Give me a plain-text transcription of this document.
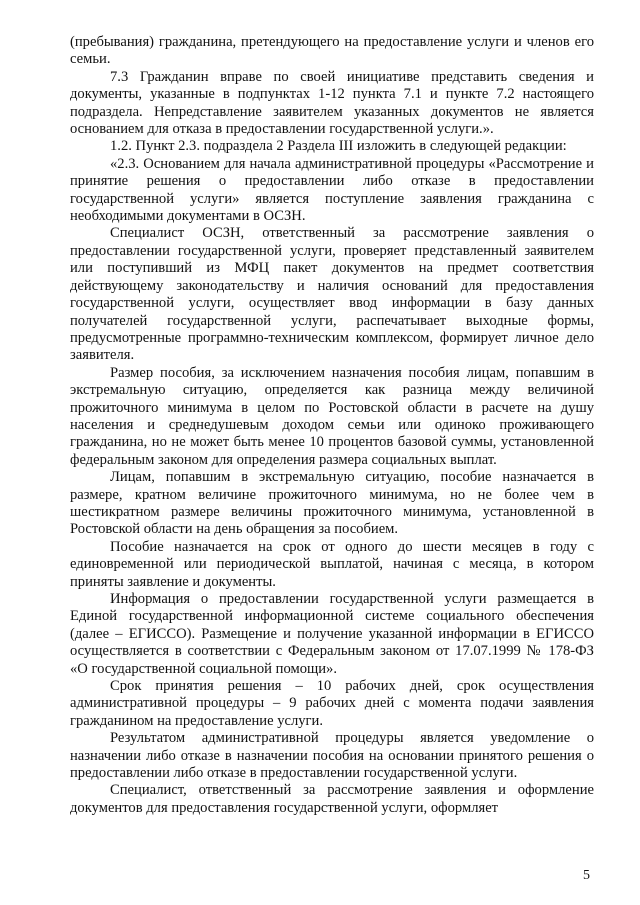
(пребывания) гражданина, претендующего на предоставление услуги и членов его семьи.

7.3 Гражданин вправе по своей инициативе представить сведения и документы, указанные в подпунктах 1-12 пункта 7.1 и пункте 7.2 настоящего подраздела. Непредставление заявителем указанных документов не является основанием для отказа в предоставлении государственной услуги.».

1.2. Пункт 2.3. подраздела 2 Раздела III изложить в следующей редакции:

«2.3. Основанием для начала административной процедуры «Рассмотрение и принятие решения о предоставлении либо отказе в предоставлении государственной услуги» является поступление заявления гражданина с необходимыми документами в ОСЗН.

Специалист ОСЗН, ответственный за рассмотрение заявления о предоставлении государственной услуги, проверяет представленный заявителем или поступивший из МФЦ пакет документов на предмет соответствия действующему законодательству и наличия оснований для предоставления государственной услуги, осуществляет ввод информации в базу данных получателей государственной услуги, распечатывает выходные формы, предусмотренные программно-техническим комплексом, формирует личное дело заявителя.

Размер пособия, за исключением назначения пособия лицам, попавшим в экстремальную ситуацию, определяется как разница между величиной прожиточного минимума в целом по Ростовской области в расчете на душу населения и среднедушевым доходом семьи или одиноко проживающего гражданина, но не может быть менее 10 процентов базовой суммы, установленной федеральным законом для определения размера социальных выплат.

Лицам, попавшим в экстремальную ситуацию, пособие назначается в размере, кратном величине прожиточного минимума, но не более чем в шестикратном размере величины прожиточного минимума, установленной в Ростовской области на день обращения за пособием.

Пособие назначается на срок от одного до шести месяцев в году с единовременной или периодической выплатой, начиная с месяца, в котором приняты заявление и документы.

Информация о предоставлении государственной услуги размещается в Единой государственной информационной системе социального обеспечения (далее – ЕГИССО). Размещение и получение указанной информации в ЕГИССО осуществляется в соответствии с Федеральным законом от 17.07.1999 № 178-ФЗ «О государственной социальной помощи».

Срок принятия решения – 10 рабочих дней, срок осуществления административной процедуры – 9 рабочих дней с момента подачи заявления гражданином на предоставление услуги.

Результатом административной процедуры является уведомление о назначении либо отказе в назначении пособия на основании принятого решения о предоставлении либо отказе в предоставлении государственной услуги.

Специалист, ответственный за рассмотрение заявления и оформление документов для предоставления государственной услуги, оформляет

5
